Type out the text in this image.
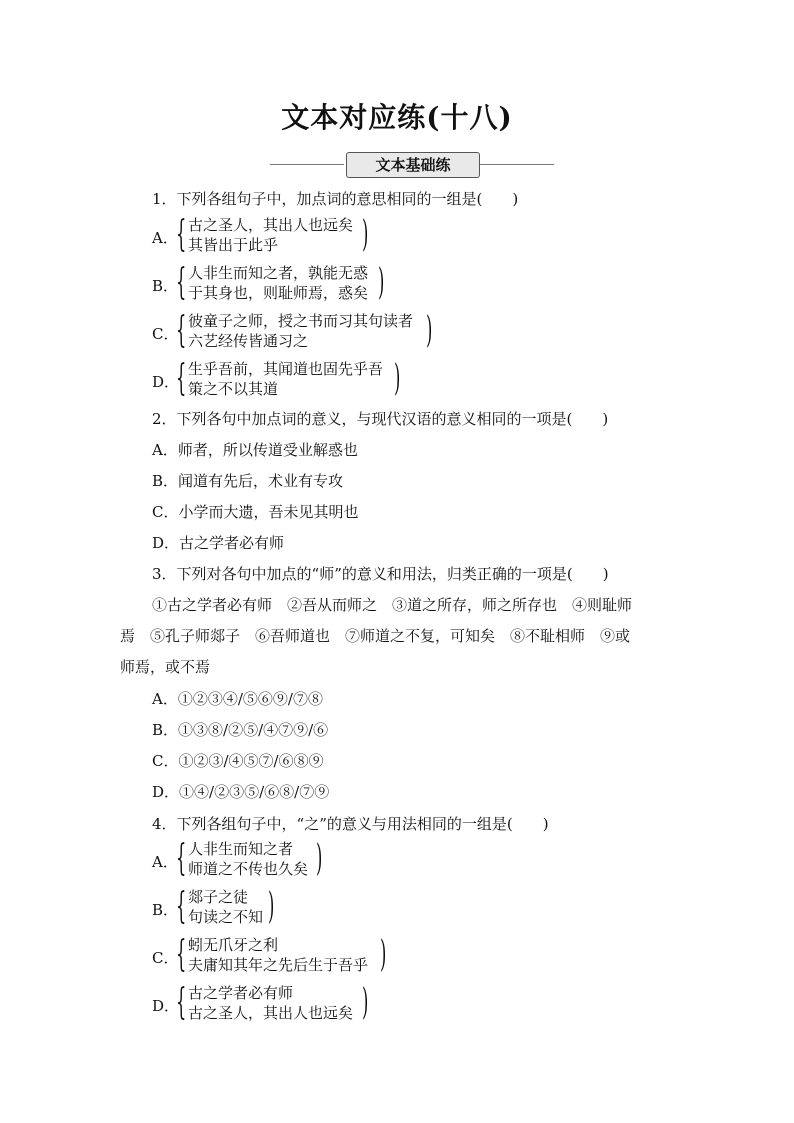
文本对应练(十八)
文本基础练
1．下列各组句子中，加点词的意思相同的一组是(　　)
A．
{ 古之圣人，其出人也远矣
其皆出于此乎	)
B．
{ 人非生而知之者，孰能无惑
于其身也，则耻师焉，惑矣 )
C．
{ 彼童子之师，授之书而习其句读者
六艺经传皆通习之	)
D．
{ 生乎吾前，其闻道也固先乎吾
策之不以其道	)
2．下列各句中加点词的意义，与现代汉语的意义相同的一项是(　　)
A．师者，所以传道受业解惑也
B．闻道有先后，术业有专攻
C．小学而大遗，吾未见其明也
D．古之学者必有师
3．下列对各句中加点的“师”的意义和用法，归类正确的一项是(　　)
①古之学者必有师　②吾从而师之　③道之所存，师之所存也　④则耻师
焉　⑤孔子师郯子　⑥吾师道也　⑦师道之不复，可知矣　⑧不耻相师　⑨或
师焉，或不焉
A．①②③④/⑤⑥⑨/⑦⑧
B．①③⑧/②⑤/④⑦⑨/⑥
C．①②③/④⑤⑦/⑥⑧⑨
D．①④/②③⑤/⑥⑧/⑦⑨
4．下列各组句子中，“之”的意义与用法相同的一组是(　　)
A．
{ 人非生而知之者
师道之不传也久矣 )
B．
{ 郯子之徒
句读之不知 )
C．
{ 蚓无爪牙之利
夫庸知其年之先后生于吾乎 )
D．
{ 古之学者必有师
古之圣人，其出人也远矣 )
